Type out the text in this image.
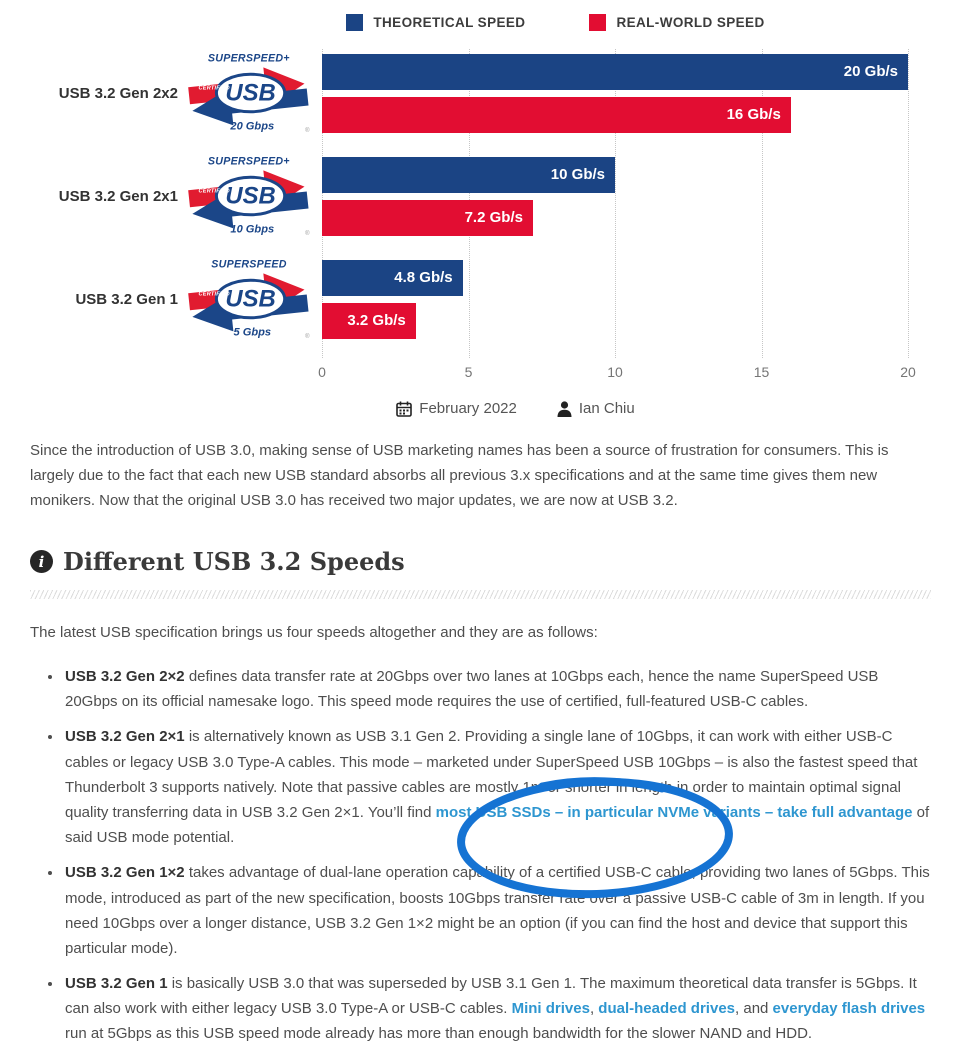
THEORETICAL SPEED	REAL-WORLD SPEED
USB 3.2 Gen 2x2
SUPERSPEED+
USB
CERTIFIED
20 Gbps	®
20 Gb/s
16 Gb/s
USB 3.2 Gen 2x1
SUPERSPEED+
USB
CERTIFIED
10 Gbps	®
10 Gb/s
7.2 Gb/s
USB 3.2 Gen 1
SUPERSPEED
USB
CERTIFIED
5 Gbps	®
4.8 Gb/s
3.2 Gb/s
0	5	10	15	20
February 2022	Ian Chiu

Since the introduction of USB 3.0, making sense of USB marketing names has been a source of frustration for consumers. This is largely due to the fact that each new USB standard absorbs all previous 3.x specifications and at the same time gives them new monikers. Now that the original USB 3.0 has received two major updates, we are now at USB 3.2.

i Different USB 3.2 Speeds

The latest USB specification brings us four speeds altogether and they are as follows:

• USB 3.2 Gen 2×2 defines data transfer rate at 20Gbps over two lanes at 10Gbps each, hence the name SuperSpeed USB 20Gbps on its official namesake logo. This speed mode requires the use of certified, full-featured USB-C cables.
• USB 3.2 Gen 2×1 is alternatively known as USB 3.1 Gen 2. Providing a single lane of 10Gbps, it can work with either USB-C cables or legacy USB 3.0 Type-A cables. This mode – marketed under SuperSpeed USB 10Gbps – is also the fastest speed that Thunderbolt 3 supports natively. Note that passive cables are mostly 1m or shorter in length in order to maintain optimal signal quality transferring data in USB 3.2 Gen 2×1. You’ll find most USB SSDs – in particular NVMe variants – take full advantage of said USB mode potential.
• USB 3.2 Gen 1×2 takes advantage of dual-lane operation capability of a certified USB-C cable, providing two lanes of 5Gbps. This mode, introduced as part of the new specification, boosts 10Gbps transfer rate over a passive USB-C cable of 3m in length. If you need 10Gbps over a longer distance, USB 3.2 Gen 1×2 might be an option (if you can find the host and device that support this particular mode).
• USB 3.2 Gen 1 is basically USB 3.0 that was superseded by USB 3.1 Gen 1. The maximum theoretical data transfer is 5Gbps. It can also work with either legacy USB 3.0 Type-A or USB-C cables. Mini drives, dual-headed drives, and everyday flash drives run at 5Gbps as this USB speed mode already has more than enough bandwidth for the slower NAND and HDD.
